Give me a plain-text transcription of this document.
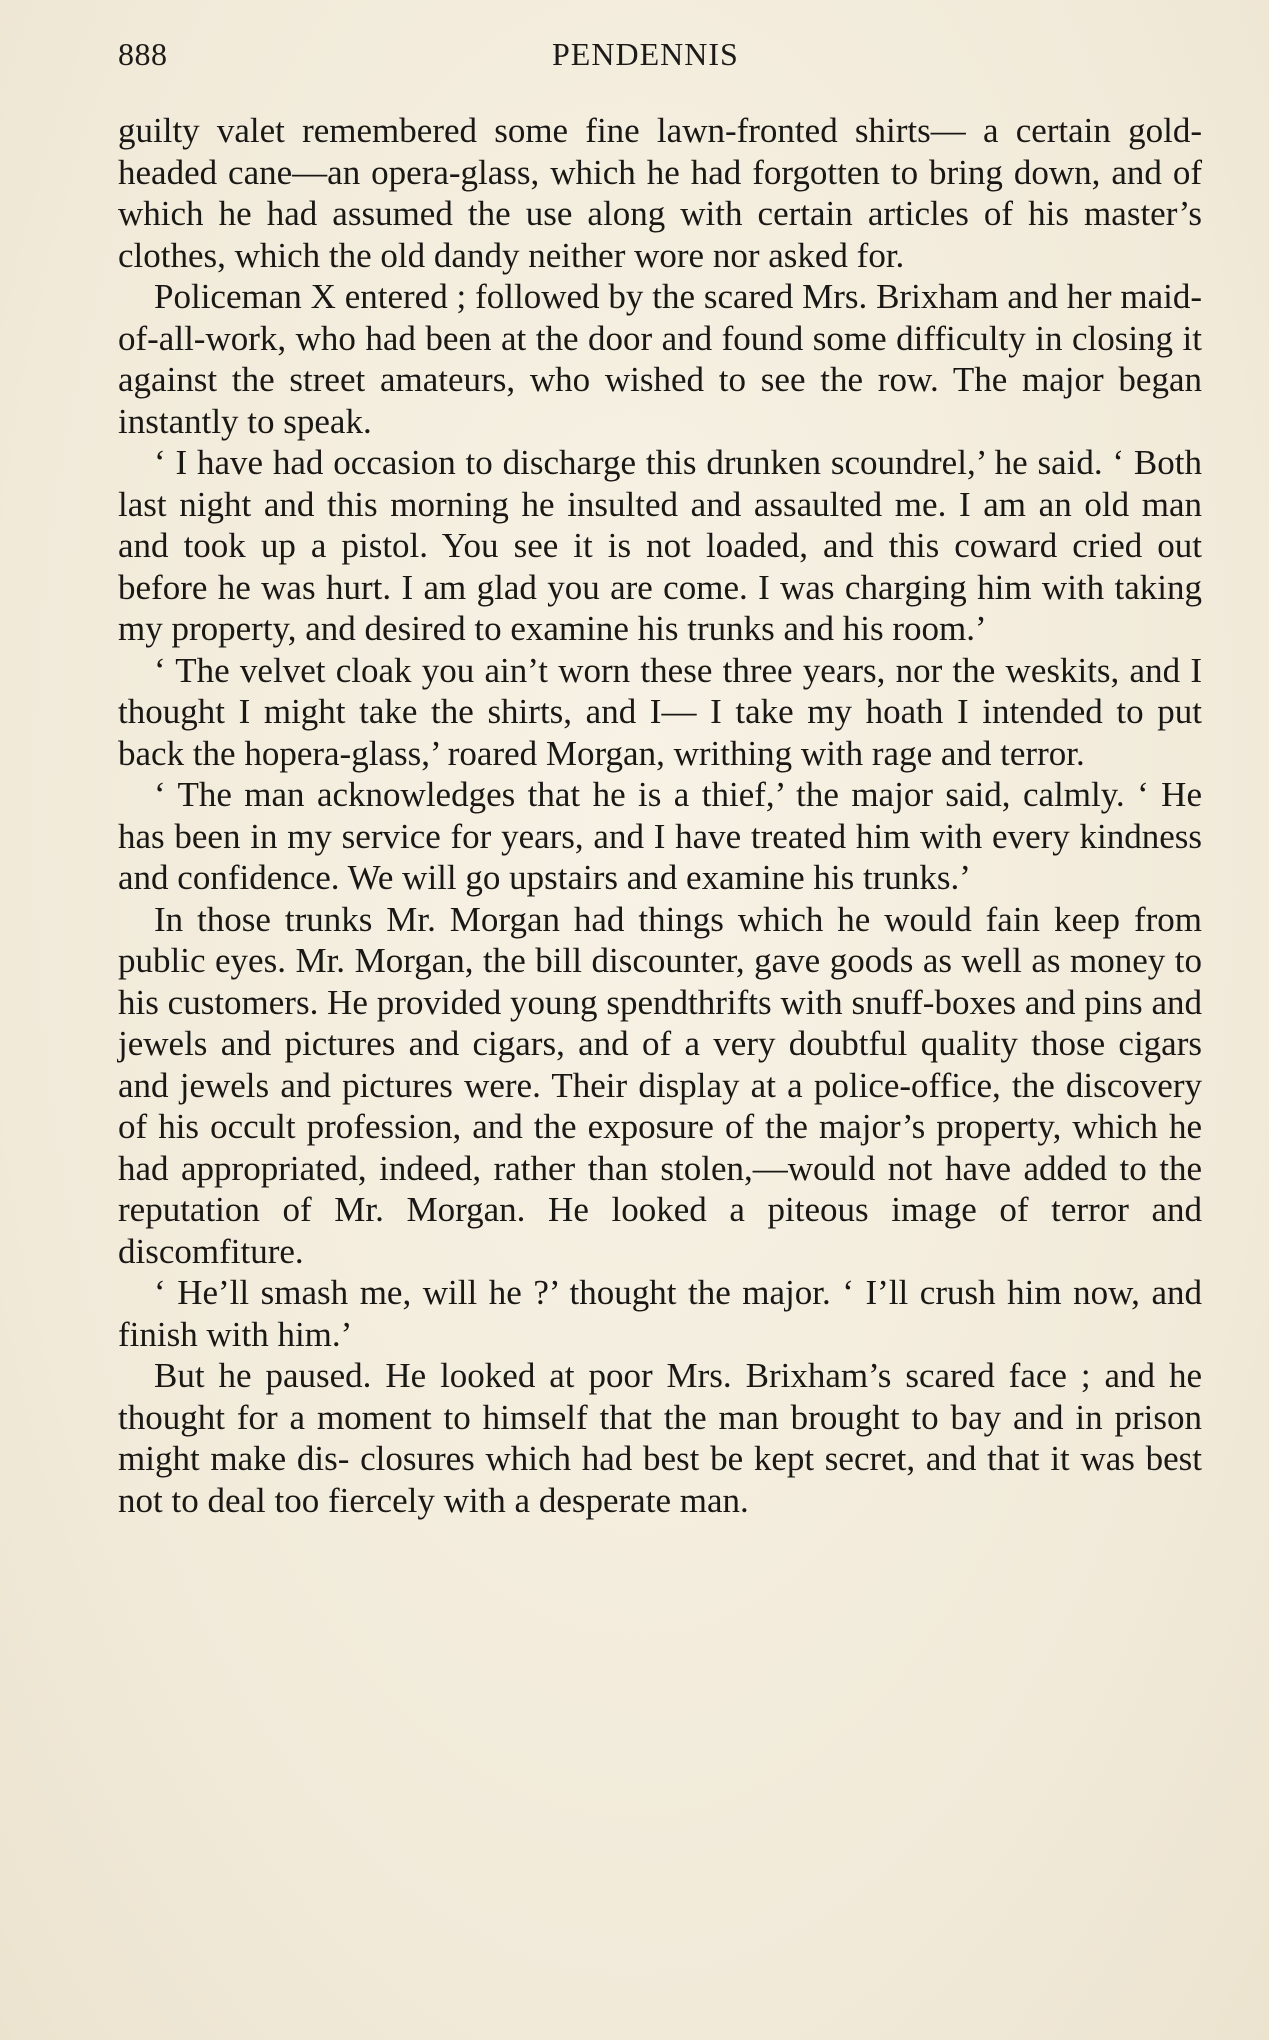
888	PENDENNIS

guilty valet remembered some fine lawn-fronted shirts— a certain gold-headed cane—an opera-glass, which he had forgotten to bring down, and of which he had assumed the use along with certain articles of his master’s clothes, which the old dandy neither wore nor asked for.

Policeman X entered ; followed by the scared Mrs. Brixham and her maid-of-all-work, who had been at the door and found some difficulty in closing it against the street amateurs, who wished to see the row. The major began instantly to speak.

‘ I have had occasion to discharge this drunken scoundrel,’ he said. ‘ Both last night and this morning he insulted and assaulted me. I am an old man and took up a pistol. You see it is not loaded, and this coward cried out before he was hurt. I am glad you are come. I was charging him with taking my property, and desired to examine his trunks and his room.’

‘ The velvet cloak you ain’t worn these three years, nor the weskits, and I thought I might take the shirts, and I— I take my hoath I intended to put back the hopera-glass,’ roared Morgan, writhing with rage and terror.

‘ The man acknowledges that he is a thief,’ the major said, calmly. ‘ He has been in my service for years, and I have treated him with every kindness and confidence. We will go upstairs and examine his trunks.’

In those trunks Mr. Morgan had things which he would fain keep from public eyes. Mr. Morgan, the bill discounter, gave goods as well as money to his customers. He provided young spendthrifts with snuff-boxes and pins and jewels and pictures and cigars, and of a very doubtful quality those cigars and jewels and pictures were. Their display at a police-office, the discovery of his occult profession, and the exposure of the major’s property, which he had appropriated, indeed, rather than stolen,—would not have added to the reputation of Mr. Morgan. He looked a piteous image of terror and discomfiture.

‘ He’ll smash me, will he ?’ thought the major. ‘ I’ll crush him now, and finish with him.’

But he paused. He looked at poor Mrs. Brixham’s scared face ; and he thought for a moment to himself that the man brought to bay and in prison might make dis- closures which had best be kept secret, and that it was best not to deal too fiercely with a desperate man.
